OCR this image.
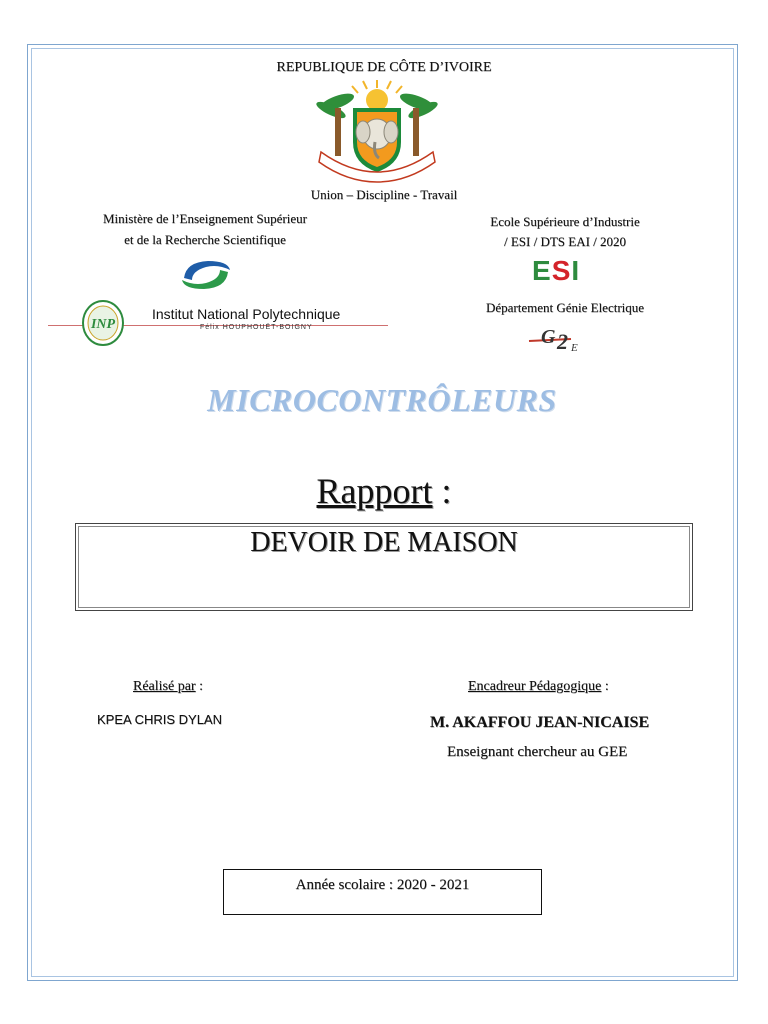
REPUBLIQUE DE CÔTE D’IVOIRE
Union – Discipline - Travail
Ministère de l’Enseignement Supérieur
et de la Recherche Scientifique
INP
Institut National Polytechnique
Félix HOUPHOUËT-BOIGNY
Ecole Supérieure d’Industrie
/ ESI / DTS EAI / 2020
ESI
Département Génie Electrique
G 2 E
MICROCONTRÔLEURS
Rapport :
DEVOIR DE MAISON
Réalisé par :
KPEA CHRIS DYLAN
Encadreur Pédagogique :
M. AKAFFOU JEAN-NICAISE
Enseignant chercheur au GEE
Année scolaire : 2020 - 2021
